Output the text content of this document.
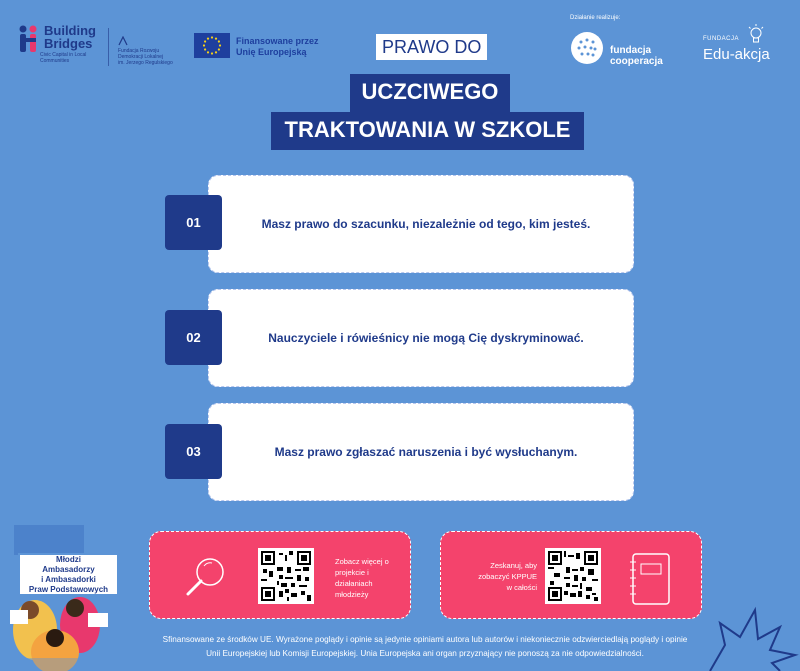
Building
Bridges
Civic Capital in Local Communities
Fundacja Rozwoju
Demokracji Lokalnej
im. Jerzego Regulskiego
Finansowane przez
Unię Europejską
Działanie realizuje:
fundacja
cooperacja
FUNDACJA
Edu-akcja
PRAWO DO
UCZCIWEGO
TRAKTOWANIA W SZKOLE
Masz prawo do szacunku, niezależnie od tego, kim jesteś.
01
Nauczyciele i rówieśnicy nie mogą Cię dyskryminować.
02
Masz prawo zgłaszać naruszenia i być wysłuchanym.
03
Zobacz więcej o
projekcie i
działaniach
młodzieży
Zeskanuj, aby
zobaczyć KPPUE
w całości
Młodzi
Ambasadorzy
i Ambasadorki
Praw Podstawowych
Sfinansowane ze środków UE. Wyrażone poglądy i opinie są jedynie opiniami autora lub autorów i niekoniecznie odzwierciedlają poglądy i opinie
Unii Europejskiej lub Komisji Europejskiej. Unia Europejska ani organ przyznający nie ponoszą za nie odpowiedzialności.
